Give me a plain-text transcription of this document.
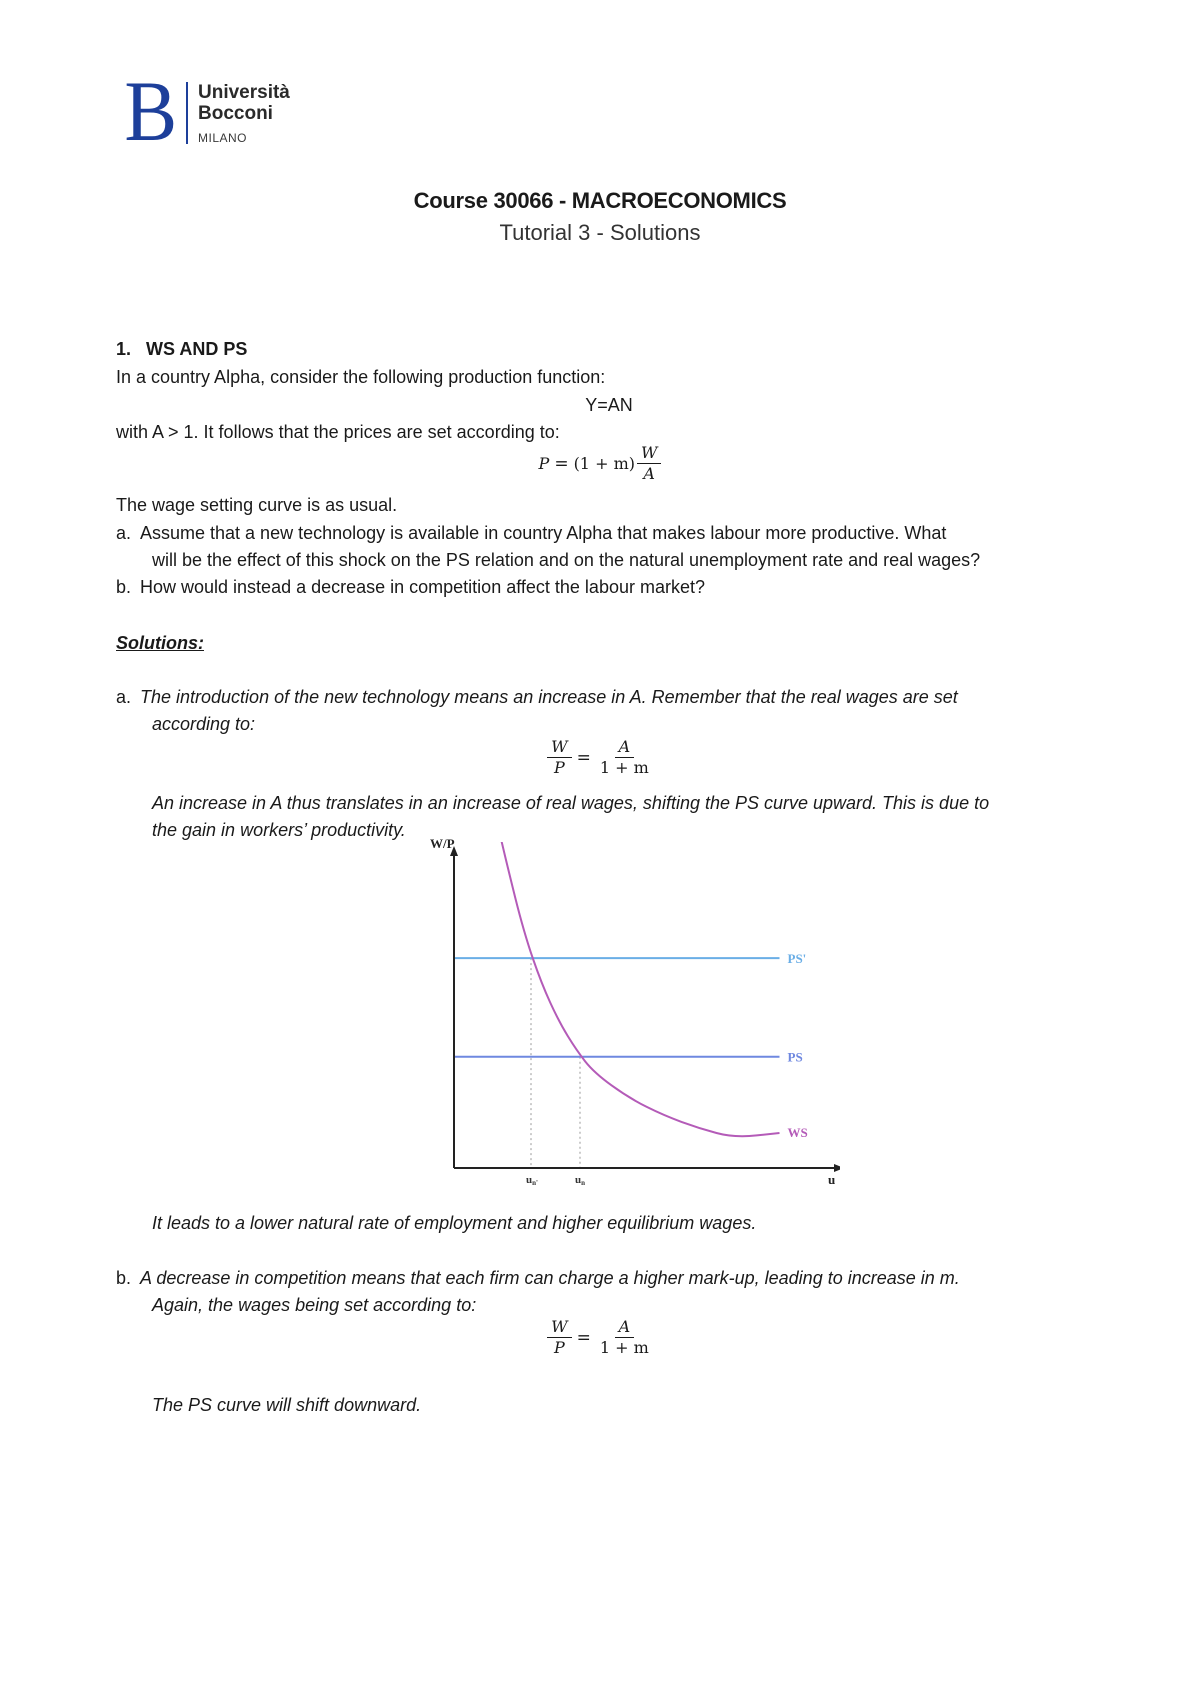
B Università
Bocconi
MILANO
Course 30066 - MACROECONOMICS
Tutorial 3 - Solutions
1. WS AND PS
In a country Alpha, consider the following production function:
Y=AN
with A > 1. It follows that the prices are set according to:
$P = (1 + m) \frac{W}{A}$
The wage setting curve is as usual.
a. Assume that a new technology is available in country Alpha that makes labour more productive. What
will be the effect of this shock on the PS relation and on the natural unemployment rate and real wages?
b. How would instead a decrease in competition affect the labour market?
Solutions:
a. The introduction of the new technology means an increase in A. Remember that the real wages are set
according to:
$\frac{W}{P} = \frac{A}{1 + m}$
An increase in A thus translates in an increase of real wages, shifting the PS curve upward. This is due to
the gain in workers’ productivity.
PS'
PS
WS
W/P
u
un'	un
It leads to a lower natural rate of employment and higher equilibrium wages.
b. A decrease in competition means that each firm can charge a higher mark-up, leading to increase in m.
Again, the wages being set according to:
$\frac{W}{P} = \frac{A}{1 + m}$
The PS curve will shift downward.
